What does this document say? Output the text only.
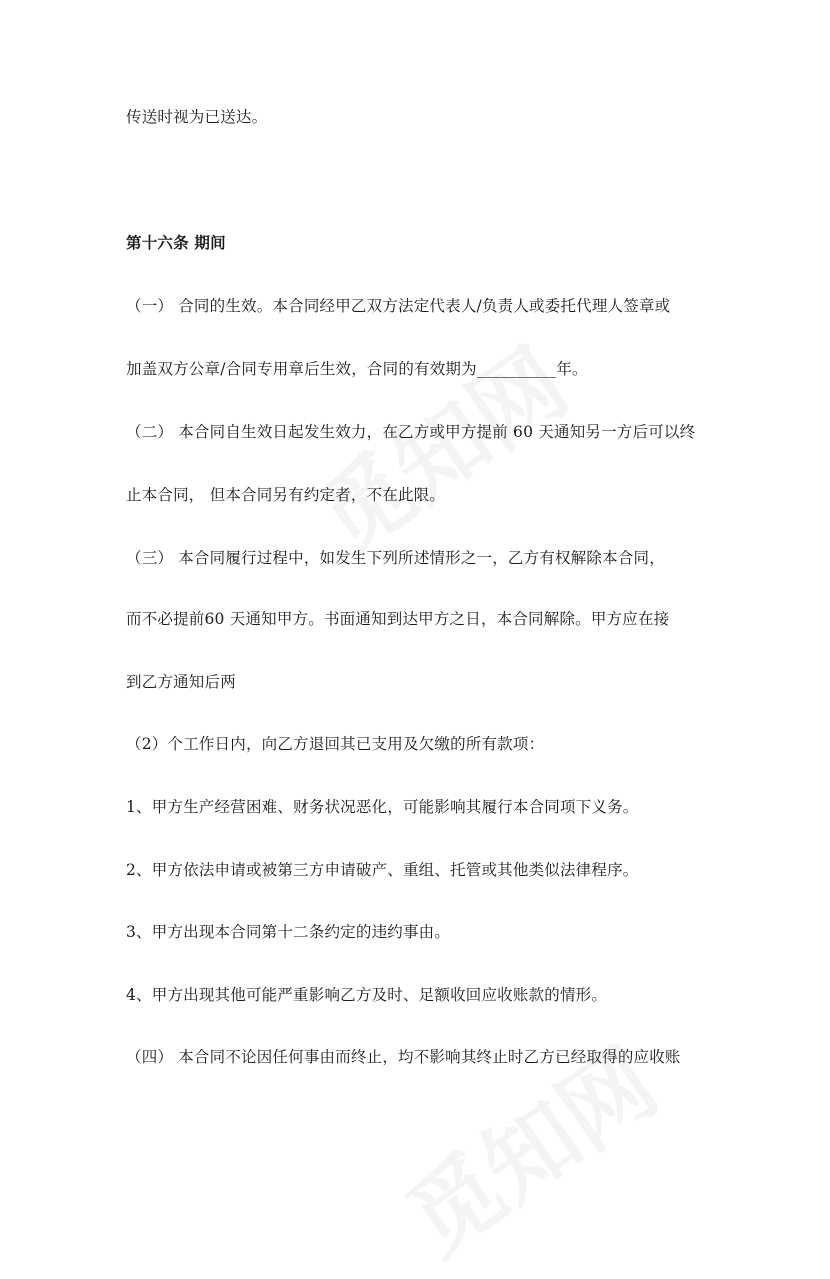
传送时视为已送达。
第十六条 期间
（一） 合同的生效。本合同经甲乙双方法定代表人/负责人或委托代理人签章或
加盖双方公章/合同专用章后生效，合同的有效期为__________年。
（二） 本合同自生效日起发生效力，在乙方或甲方提前 60 天通知另一方后可以终
止本合同， 但本合同另有约定者，不在此限。
（三） 本合同履行过程中，如发生下列所述情形之一，乙方有权解除本合同，
而不必提前60 天通知甲方。书面通知到达甲方之日，本合同解除。甲方应在接
到乙方通知后两
（2）个工作日内，向乙方退回其已支用及欠缴的所有款项：
1、甲方生产经营困难、财务状况恶化，可能影响其履行本合同项下义务。
2、甲方依法申请或被第三方申请破产、重组、托管或其他类似法律程序。
3、甲方出现本合同第十二条约定的违约事由。
4、甲方出现其他可能严重影响乙方及时、足额收回应收账款的情形。
（四） 本合同不论因任何事由而终止，均不影响其终止时乙方已经取得的应收账
